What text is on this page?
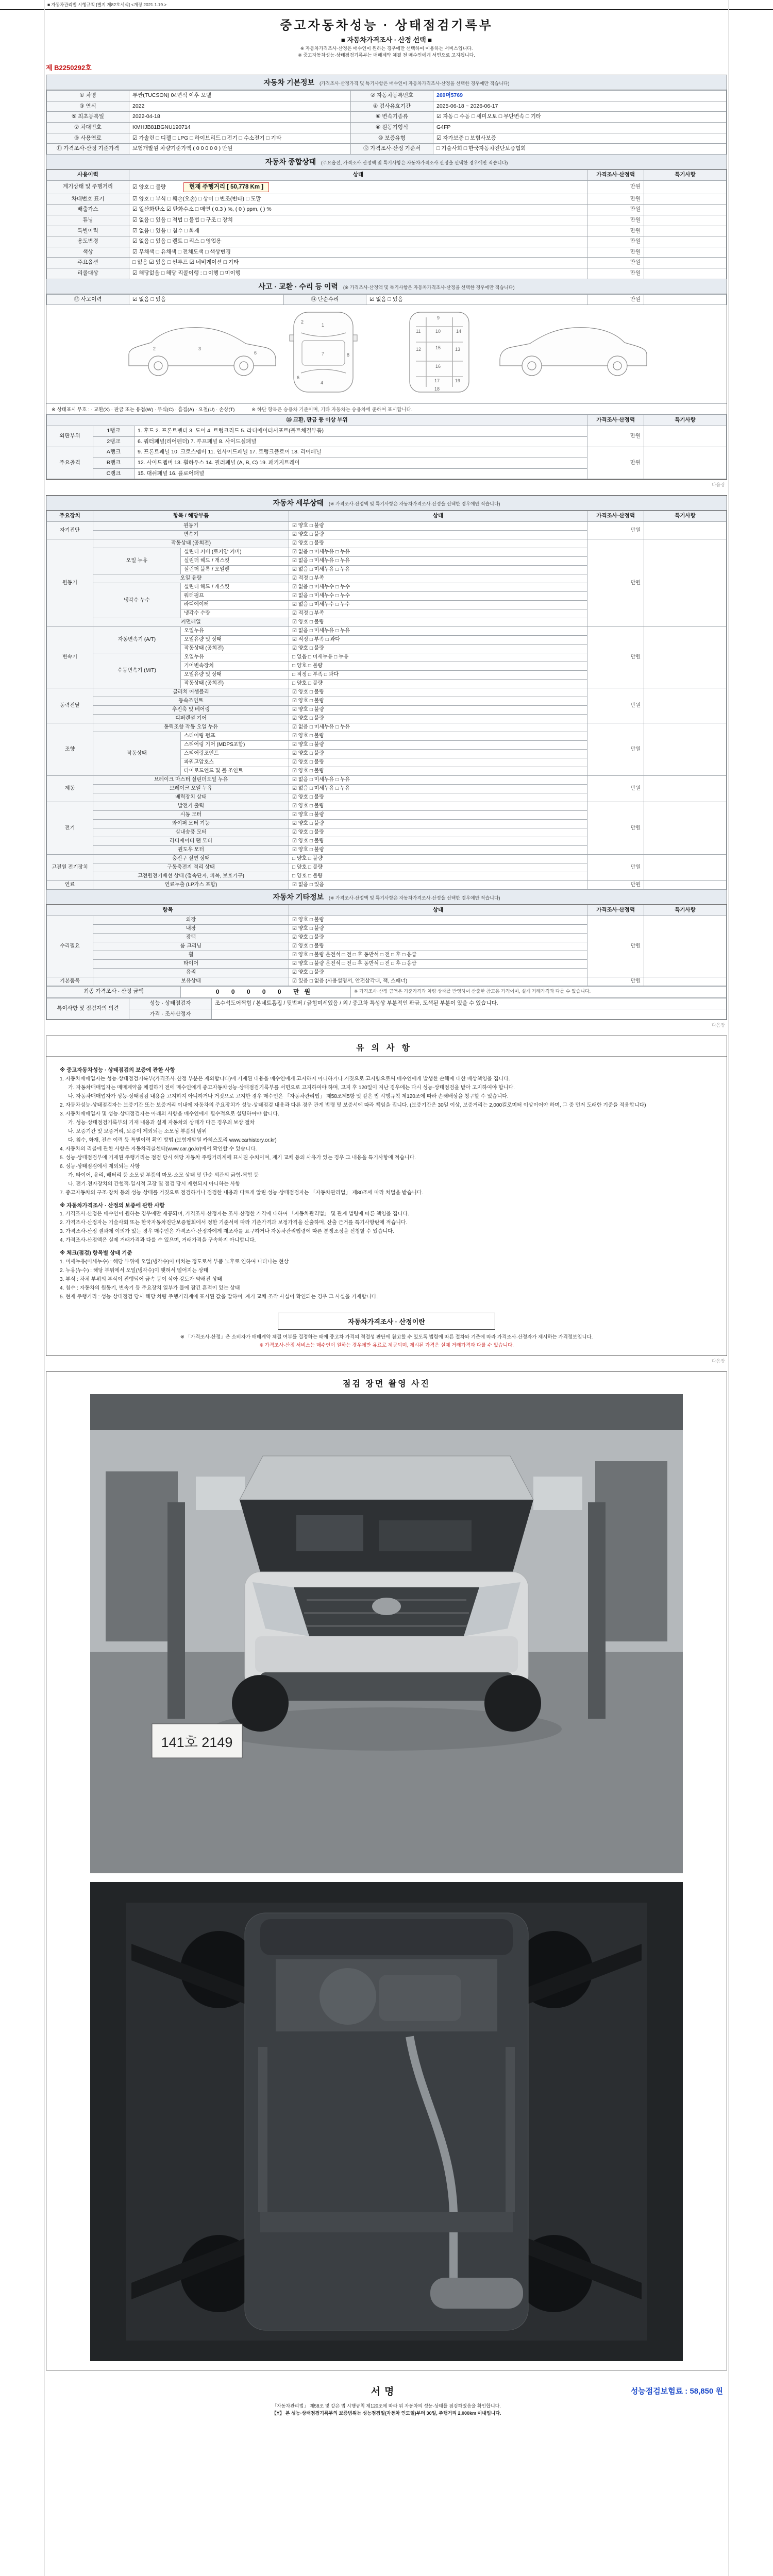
■ 자동차관리법 시행규칙 [별지 제82호서식] <개정 2021.1.19.>
중고자동차성능 · 상태점검기록부
■ 자동차가격조사 · 산정 선택 ■
※ 자동차가격조사·산정은 매수인이 원하는 경우에만 선택하여 이용하는 서비스입니다.
※ 중고자동차성능·상태점검기록부는 매매계약 체결 전 매수인에게 서면으로 고지됩니다.
제 B2250292호
자동차 기본정보 (가격조사·산정가격 및 특기사항은 매수인이 자동차가격조사·산정을 선택한 경우에만 적습니다)
① 차명	투싼(TUCSON) 04년식 이후 모델	② 자동차등록번호	269머5769
③ 연식	2022	④ 검사유효기간	2025-06-18 ~ 2026-06-17
⑤ 최초등록일	2022-04-18	⑥ 변속기종류	☑ 자동 □ 수동 □ 세미오토 □ 무단변속 □ 기타
⑦ 차대번호	KMHJB81BGNU190714	⑧ 원동기형식	G4FP
⑨ 사용연료	☑ 가솔린 □ 디젤 □ LPG □ 하이브리드 □ 전기 □ 수소전기 □ 기타	⑩ 보증유형	☑ 자가보증 □ 보험사보증
⑪ 가격조사·산정 기준가격	보험개발원 차량기준가액 ( 0 0 0 0 0 ) 만원	⑫ 가격조사·산정 기준서	□ 기술사회 □ 한국자동차진단보증협회
자동차 종합상태 (주요옵션, 가격조사·산정액 및 특기사항은 자동차가격조사·산정을 선택한 경우에만 적습니다)
사용이력	상태	가격조사·산정액	특기사항
계기상태 및 주행거리	☑ 양호 □ 불량 현재 주행거리 [ 50,778 Km ]	만원	
차대번호 표기	☑ 양호 □ 부식 □ 훼손(오손) □ 상이 □ 변조(변타) □ 도말	만원	
배출가스	☑ 일산화탄소 ☑ 탄화수소 □ 매연 ( 0.3 ) %, ( 0 ) ppm, ( ) %	만원	
튜닝	☑ 없음 □ 있음 □ 적법 □ 불법 □ 구조 □ 장치	만원	
특별이력	☑ 없음 □ 있음 □ 침수 □ 화재	만원	
용도변경	☑ 없음 □ 있음 □ 렌트 □ 리스 □ 영업용	만원	
색상	☑ 무채색 □ 유채색 □ 전체도색 □ 색상변경	만원	
주요옵션	□ 없음 ☑ 있음 □ 썬루프 ☑ 네비게이션 □ 기타	만원	
리콜대상	☑ 해당없음 □ 해당 리콜이행 : □ 이행 □ 미이행	만원	
사고 · 교환 · 수리 등 이력 (※ 가격조사·산정액 및 특기사항은 자동차가격조사·산정을 선택한 경우에만 적습니다)
⑬ 사고이력	☑ 없음 □ 있음	⑭ 단순수리	☑ 없음 □ 있음	만원	
2	3
6
1
2
7
4
6
8
9
10
11	14
12	13
15
16
17
18
19
※ 상태표시 부호 : · 교환(X) · 판금 또는 용접(W) · 부식(C) · 흠집(A) · 요철(U) · 손상(T)	※ 하단 항목은 승용차 기준이며, 기타 자동차는 승용차에 준하여 표시합니다.
⑮ 교환, 판금 등 이상 부위			가격조사·산정액	특기사항
외판부위	1랭크	1. 후드 2. 프론트펜더 3. 도어 4. 트렁크리드 5. 라디에이터서포트(볼트체결부품)	만원	
	2랭크	6. 쿼터패널(리어펜더) 7. 루프패널 8. 사이드실패널		
주요골격	A랭크	9. 프론트패널 10. 크로스멤버 11. 인사이드패널 17. 트렁크플로어 18. 리어패널	만원	
	B랭크	12. 사이드멤버 13. 휠하우스 14. 필러패널 (A, B, C) 19. 패키지트레이		
	C랭크	15. 대쉬패널 16. 플로어패널		
다음장
자동차 세부상태 (※ 가격조사·산정액 및 특기사항은 자동차가격조사·산정을 선택한 경우에만 적습니다)
주요장치	항목 / 해당부품		상태	가격조사·산정액	특기사항
자기진단	원동기		☑ 양호 □ 불량	만원	
	변속기		☑ 양호 □ 불량		
원동기	작동상태 (공회전)		☑ 양호 □ 불량	만원	
	오일 누유	실린더 커버 (로커암 커버)	☑ 없음 □ 미세누유 □ 누유		
		실린더 헤드 / 개스킷	☑ 없음 □ 미세누유 □ 누유		
		실린더 블록 / 오일팬	☑ 없음 □ 미세누유 □ 누유		
	오일 유량		☑ 적정 □ 부족		
	냉각수 누수	실린더 헤드 / 개스킷	☑ 없음 □ 미세누수 □ 누수		
		워터펌프	☑ 없음 □ 미세누수 □ 누수		
		라디에이터	☑ 없음 □ 미세누수 □ 누수		
		냉각수 수량	☑ 적정 □ 부족		
	커먼레일		☑ 양호 □ 불량		
변속기	자동변속기 (A/T)	오일누유	☑ 없음 □ 미세누유 □ 누유	만원	
		오일유량 및 상태	☑ 적정 □ 부족 □ 과다		
		작동상태 (공회전)	☑ 양호 □ 불량		
	수동변속기 (M/T)	오일누유	□ 없음 □ 미세누유 □ 누유		
		기어변속장치	□ 양호 □ 불량		
		오일유량 및 상태	□ 적정 □ 부족 □ 과다		
		작동상태 (공회전)	□ 양호 □ 불량		
동력전달	클러치 어셈블리		☑ 양호 □ 불량	만원	
	등속조인트		☑ 양호 □ 불량		
	추진축 및 베어링		☑ 양호 □ 불량		
	디퍼렌셜 기어		☑ 양호 □ 불량		
조향	동력조향 작동 오일 누유		☑ 없음 □ 미세누유 □ 누유	만원	
	작동상태	스티어링 펌프	☑ 양호 □ 불량		
		스티어링 기어 (MDPS포함)	☑ 양호 □ 불량		
		스티어링조인트	☑ 양호 □ 불량		
		파워고압호스	☑ 양호 □ 불량		
		타이로드엔드 및 볼 조인트	☑ 양호 □ 불량		
제동	브레이크 마스터 실린더오일 누유		☑ 없음 □ 미세누유 □ 누유	만원	
	브레이크 오일 누유		☑ 없음 □ 미세누유 □ 누유		
	배력장치 상태		☑ 양호 □ 불량		
전기	발전기 출력		☑ 양호 □ 불량	만원	
	시동 모터		☑ 양호 □ 불량		
	와이퍼 모터 기능		☑ 양호 □ 불량		
	실내송풍 모터		☑ 양호 □ 불량		
	라디에이터 팬 모터		☑ 양호 □ 불량		
	윈도우 모터		☑ 양호 □ 불량		
고전원 전기장치	충전구 절연 상태		□ 양호 □ 불량	만원	
	구동축전지 격리 상태		□ 양호 □ 불량		
	고전원전기배선 상태 (접속단자, 피복, 보호기구)		□ 양호 □ 불량		
연료	연료누출 (LP가스 포함)		☑ 없음 □ 있음	만원	
자동차 기타정보 (※ 가격조사·산정액 및 특기사항은 자동차가격조사·산정을 선택한 경우에만 적습니다)
항목		상태	가격조사·산정액	특기사항
수리필요	외장	☑ 양호 □ 불량	만원	
	내장	☑ 양호 □ 불량		
	광택	☑ 양호 □ 불량		
	룸 크리닝	☑ 양호 □ 불량		
	휠	☑ 양호 □ 불량 운전석 □ 전 □ 후 동반석 □ 전 □ 후 □ 응급		
	타이어	☑ 양호 □ 불량 운전석 □ 전 □ 후 동반석 □ 전 □ 후 □ 응급		
	유리	☑ 양호 □ 불량		
기본품목	보유상태	☑ 있음 □ 없음 (사용설명서, 안전삼각대, 잭, 스패너)	만원	
최종 가격조사 · 산정 금액	0 0 0 0 0 만원	※ 가격조사·산정 금액은 기준가격과 차량 상태를 반영하여 산출한 참고용 가격이며, 실제 거래가격과 다를 수 있습니다.
특이사항 및 점검자의 의견	성능 · 상태점검자	조수석도어찍힘 / 본네트흠집 / 뒷범퍼 / 긁힘미세있음 / 외 / 중고차 특성상 부분적인 판금, 도색된 부분이 있을 수 있습니다.
	가격 · 조사산정자	
다음장
유의사항
※ 중고자동차성능 · 상태점검의 보증에 관한 사항
1. 자동차매매업자는 성능·상태점검기록부(가격조사·산정 부분은 제외합니다)에 기재된 내용을 매수인에게 고지하지 아니하거나 거짓으로 고지함으로써 매수인에게 발생한 손해에 대한 배상책임을 집니다.
가. 자동차매매업자는 매매계약을 체결하기 전에 매수인에게 중고자동차성능·상태점검기록부를 서면으로 고지하여야 하며, 고지 후 120일이 지난 경우에는 다시 성능·상태점검을 받아 고지하여야 합니다.
나. 자동차매매업자가 성능·상태점검 내용을 고지하지 아니하거나 거짓으로 고지한 경우 매수인은 「자동차관리법」 제58조제5항 및 같은 법 시행규칙 제120조에 따라 손해배상을 청구할 수 있습니다.
2. 자동차성능·상태점검자는 보증기간 또는 보증거리 이내에 자동차의 주요장치가 성능·상태점검 내용과 다른 경우 관계 법령 및 보증서에 따라 책임을 집니다. (보증기간은 30일 이상, 보증거리는 2,000킬로미터 이상이어야 하며, 그 중 먼저 도래한 기준을 적용합니다)
3. 자동차매매업자 및 성능·상태점검자는 아래의 사항을 매수인에게 필수적으로 설명하여야 합니다.
가. 성능·상태점검기록부의 기재 내용과 실제 자동차의 상태가 다른 경우의 보상 절차
나. 보증기간 및 보증거리, 보증이 제외되는 소모성 부품의 범위
다. 침수, 화재, 전손 이력 등 특별이력 확인 방법 (보험개발원 카히스토리 www.carhistory.or.kr)
4. 자동차의 리콜에 관한 사항은 자동차리콜센터(www.car.go.kr)에서 확인할 수 있습니다.
5. 성능·상태점검부에 기재된 주행거리는 점검 당시 해당 자동차 주행거리계에 표시된 수치이며, 계기 교체 등의 사유가 있는 경우 그 내용을 특기사항에 적습니다.
6. 성능·상태점검에서 제외되는 사항
가. 타이어, 유리, 배터리 등 소모성 부품의 마모·소모 상태 및 단순 외관의 긁힘·찍힘 등
나. 전기·전자장치의 간헐적·일시적 고장 및 점검 당시 재현되지 아니하는 사항
7. 중고자동차의 구조·장치 등의 성능·상태를 거짓으로 점검하거나 점검한 내용과 다르게 알린 성능·상태점검자는 「자동차관리법」 제80조에 따라 처벌을 받습니다.
※ 자동차가격조사 · 산정의 보증에 관한 사항
1. 가격조사·산정은 매수인이 원하는 경우에만 제공되며, 가격조사·산정자는 조사·산정한 가격에 대하여 「자동차관리법」 및 관계 법령에 따른 책임을 집니다.
2. 가격조사·산정자는 기술사회 또는 한국자동차진단보증협회에서 정한 기준서에 따라 기준가격과 보정가격을 산출하며, 산출 근거를 특기사항란에 적습니다.
3. 가격조사·산정 결과에 이의가 있는 경우 매수인은 가격조사·산정자에게 재조사를 요구하거나 자동차관리법령에 따른 분쟁조정을 신청할 수 있습니다.
4. 가격조사·산정액은 실제 거래가격과 다를 수 있으며, 거래가격을 구속하지 아니합니다.
※ 체크(점검) 항목별 상태 기준
1. 미세누유(미세누수) : 해당 부위에 오일(냉각수)이 비치는 정도로서 부품 노후로 인하여 나타나는 현상
2. 누유(누수) : 해당 부위에서 오일(냉각수)이 맺혀서 떨어지는 상태
3. 부식 : 차체 부위의 부식이 진행되어 금속 등이 삭아 강도가 약해진 상태
4. 침수 : 자동차의 원동기, 변속기 등 주요장치 일부가 물에 잠긴 흔적이 있는 상태
5. 현재 주행거리 : 성능·상태점검 당시 해당 차량 주행거리계에 표시된 값을 말하며, 계기 교체·조작 사실이 확인되는 경우 그 사실을 기재합니다.
자동차가격조사 · 산정이란
※ 「가격조사·산정」은 소비자가 매매계약 체결 여부를 결정하는 때에 중고차 가격의 적절성 판단에 참고할 수 있도록 법령에 따른 절차와 기준에 따라 가격조사·산정자가 제시하는 가격정보입니다.
※ 가격조사·산정 서비스는 매수인이 원하는 경우에만 유료로 제공되며, 제시된 가격은 실제 거래가격과 다를 수 있습니다.
다음장
점검 장면 촬영 사진
141호 2149
서명	성능점검보험료 : 58,850 원
「자동차관리법」 제58조 및 같은 법 시행규칙 제120조에 따라 위 자동차의 성능·상태를 점검하였음을 확인합니다.
【Y】 본 성능·상태점검기록부의 보증범위는 성능점검일(자동차 인도일)부터 30일, 주행거리 2,000km 이내입니다.
